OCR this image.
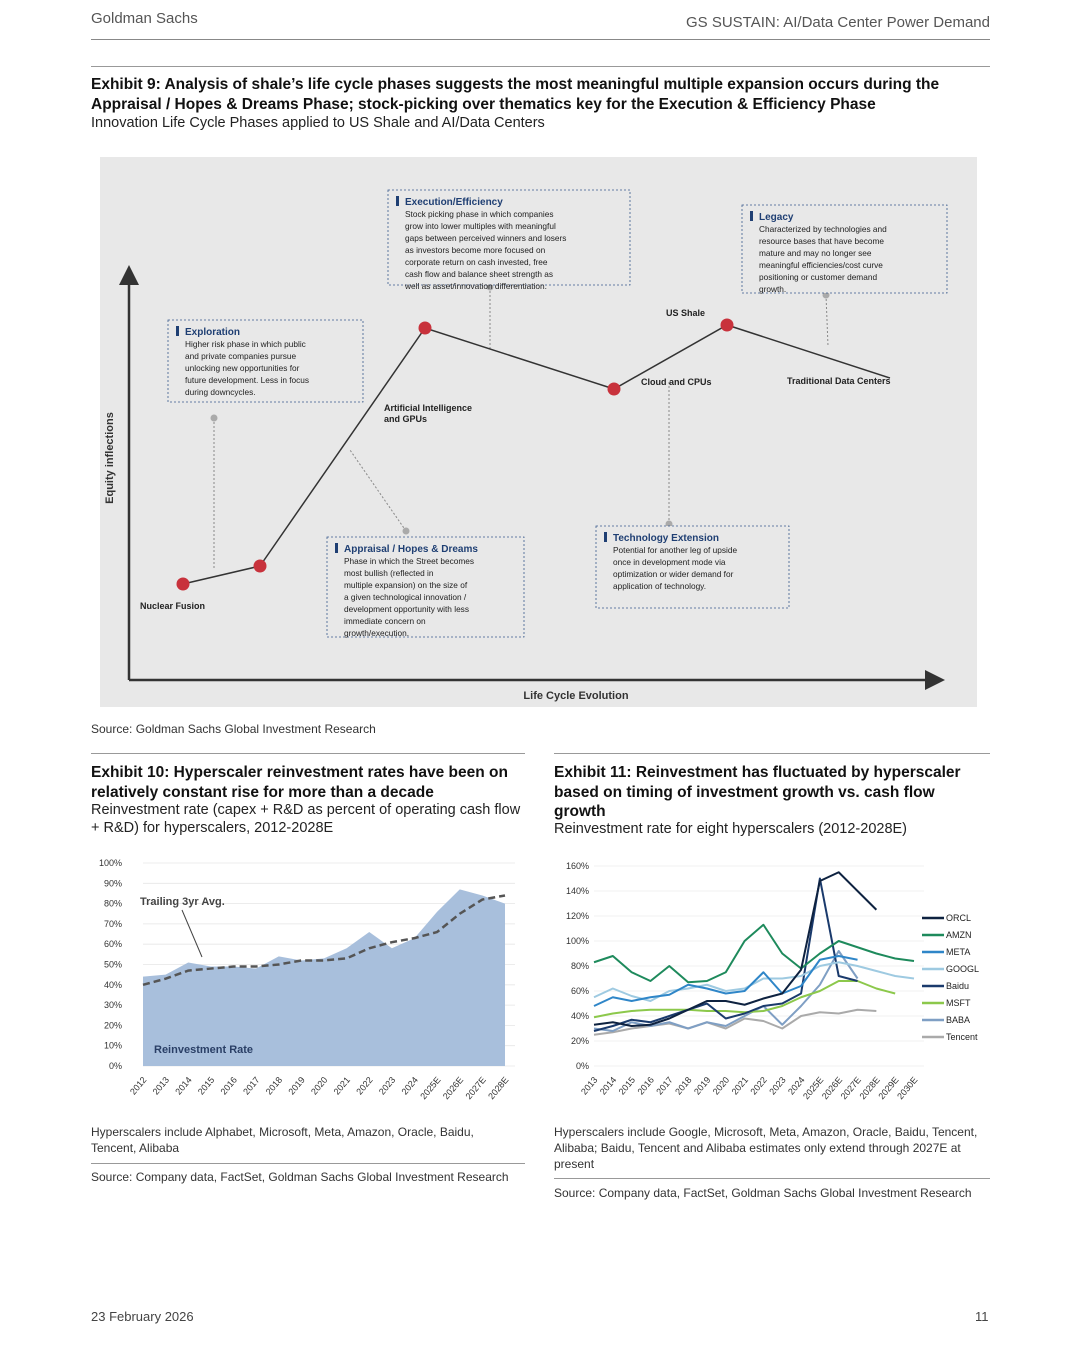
Goldman Sachs	GS SUSTAIN: AI/Data Center Power Demand
Exhibit 9: Analysis of shale’s life cycle phases suggests the most meaningful multiple expansion occurs during the Appraisal / Hopes & Dreams Phase; stock-picking over thematics key for the Execution & Efficiency Phase
Innovation Life Cycle Phases applied to US Shale and AI/Data Centers
Equity inflections
Life Cycle Evolution
Nuclear Fusion
Artificial Intelligence and GPUs
Cloud and CPUs
US Shale
Traditional Data Centers
Exploration
Higher risk phase in which public and private companies pursue unlocking new opportunities for future development. Less in focus during downcycles.
Execution/Efficiency
Stock picking phase in which companies grow into lower multiples with meaningful gaps between perceived winners and losers as investors become more focused on corporate return on cash invested, free cash flow and balance sheet strength as well as asset/innovation differentiation.
Legacy
Characterized by technologies and resource bases that have become mature and may no longer see meaningful efficiencies/cost curve positioning or customer demand growth.
Appraisal / Hopes & Dreams
Phase in which the Street becomes most bullish (reflected in multiple expansion) on the size of a given technological innovation / development opportunity with less immediate concern on growth/execution.
Technology Extension
Potential for another leg of upside once in development mode via optimization or wider demand for application of technology.
Source: Goldman Sachs Global Investment Research
Exhibit 10: Hyperscaler reinvestment rates have been on relatively constant rise for more than a decade
Reinvestment rate (capex + R&D as percent of operating cash flow + R&D) for hyperscalers, 2012-2028E
0%
10%
20%
30%
40%
50%
60%
70%
80%
90%
100%
2012 2013 2014 2015 2016 2017 2018 2019 2020 2021 2022 2023 2024
2025E
2026E
2027E
2028E
Trailing 3yr Avg.
Reinvestment Rate
Hyperscalers include Alphabet, Microsoft, Meta, Amazon, Oracle, Baidu, Tencent, Alibaba
Source: Company data, FactSet, Goldman Sachs Global Investment Research
Exhibit 11: Reinvestment has fluctuated by hyperscaler based on timing of investment growth vs. cash flow growth
Reinvestment rate for eight hyperscalers (2012-2028E)
0%
20%
40%
60%
80%
100%
120%
140%
160%
2013
2014
2015
2016
2017
2018
2019
2020
2021
2022
2023
2024
2025E
2026E
2027E
2028E
2029E
2030E
ORCL
AMZN
META
GOOGL
Baidu
MSFT
BABA
Tencent
Hyperscalers include Google, Microsoft, Meta, Amazon, Oracle, Baidu, Tencent, Alibaba; Baidu, Tencent and Alibaba estimates only extend through 2027E at present
Source: Company data, FactSet, Goldman Sachs Global Investment Research
23 February 2026	11
